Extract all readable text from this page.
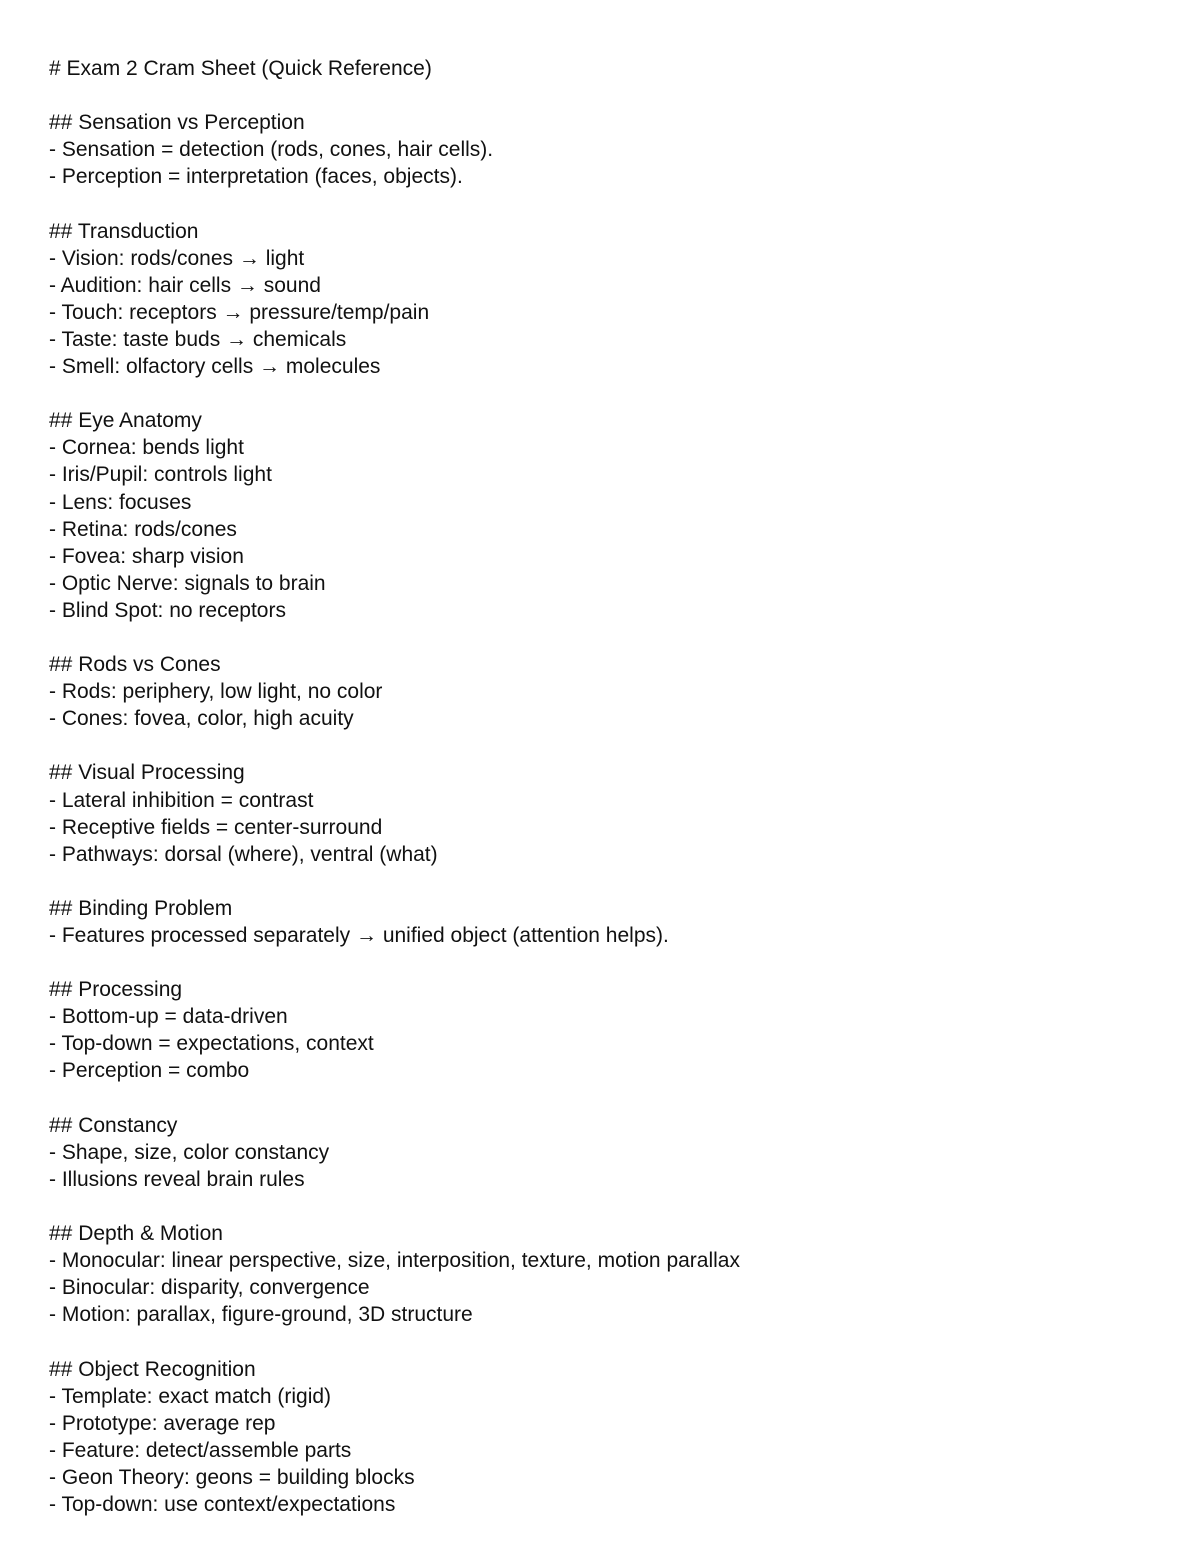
# Exam 2 Cram Sheet (Quick Reference)

## Sensation vs Perception

- Sensation = detection (rods, cones, hair cells).

- Perception = interpretation (faces, objects).

## Transduction

- Vision: rods/cones → light

- Audition: hair cells → sound

- Touch: receptors → pressure/temp/pain

- Taste: taste buds → chemicals

- Smell: olfactory cells → molecules

## Eye Anatomy

- Cornea: bends light

- Iris/Pupil: controls light

- Lens: focuses

- Retina: rods/cones

- Fovea: sharp vision

- Optic Nerve: signals to brain

- Blind Spot: no receptors

## Rods vs Cones

- Rods: periphery, low light, no color

- Cones: fovea, color, high acuity

## Visual Processing

- Lateral inhibition = contrast

- Receptive fields = center-surround

- Pathways: dorsal (where), ventral (what)

## Binding Problem

- Features processed separately → unified object (attention helps).

## Processing

- Bottom-up = data-driven

- Top-down = expectations, context

- Perception = combo

## Constancy

- Shape, size, color constancy

- Illusions reveal brain rules

## Depth & Motion

- Monocular: linear perspective, size, interposition, texture, motion parallax

- Binocular: disparity, convergence

- Motion: parallax, figure-ground, 3D structure

## Object Recognition

- Template: exact match (rigid)

- Prototype: average rep

- Feature: detect/assemble parts

- Geon Theory: geons = building blocks

- Top-down: use context/expectations
